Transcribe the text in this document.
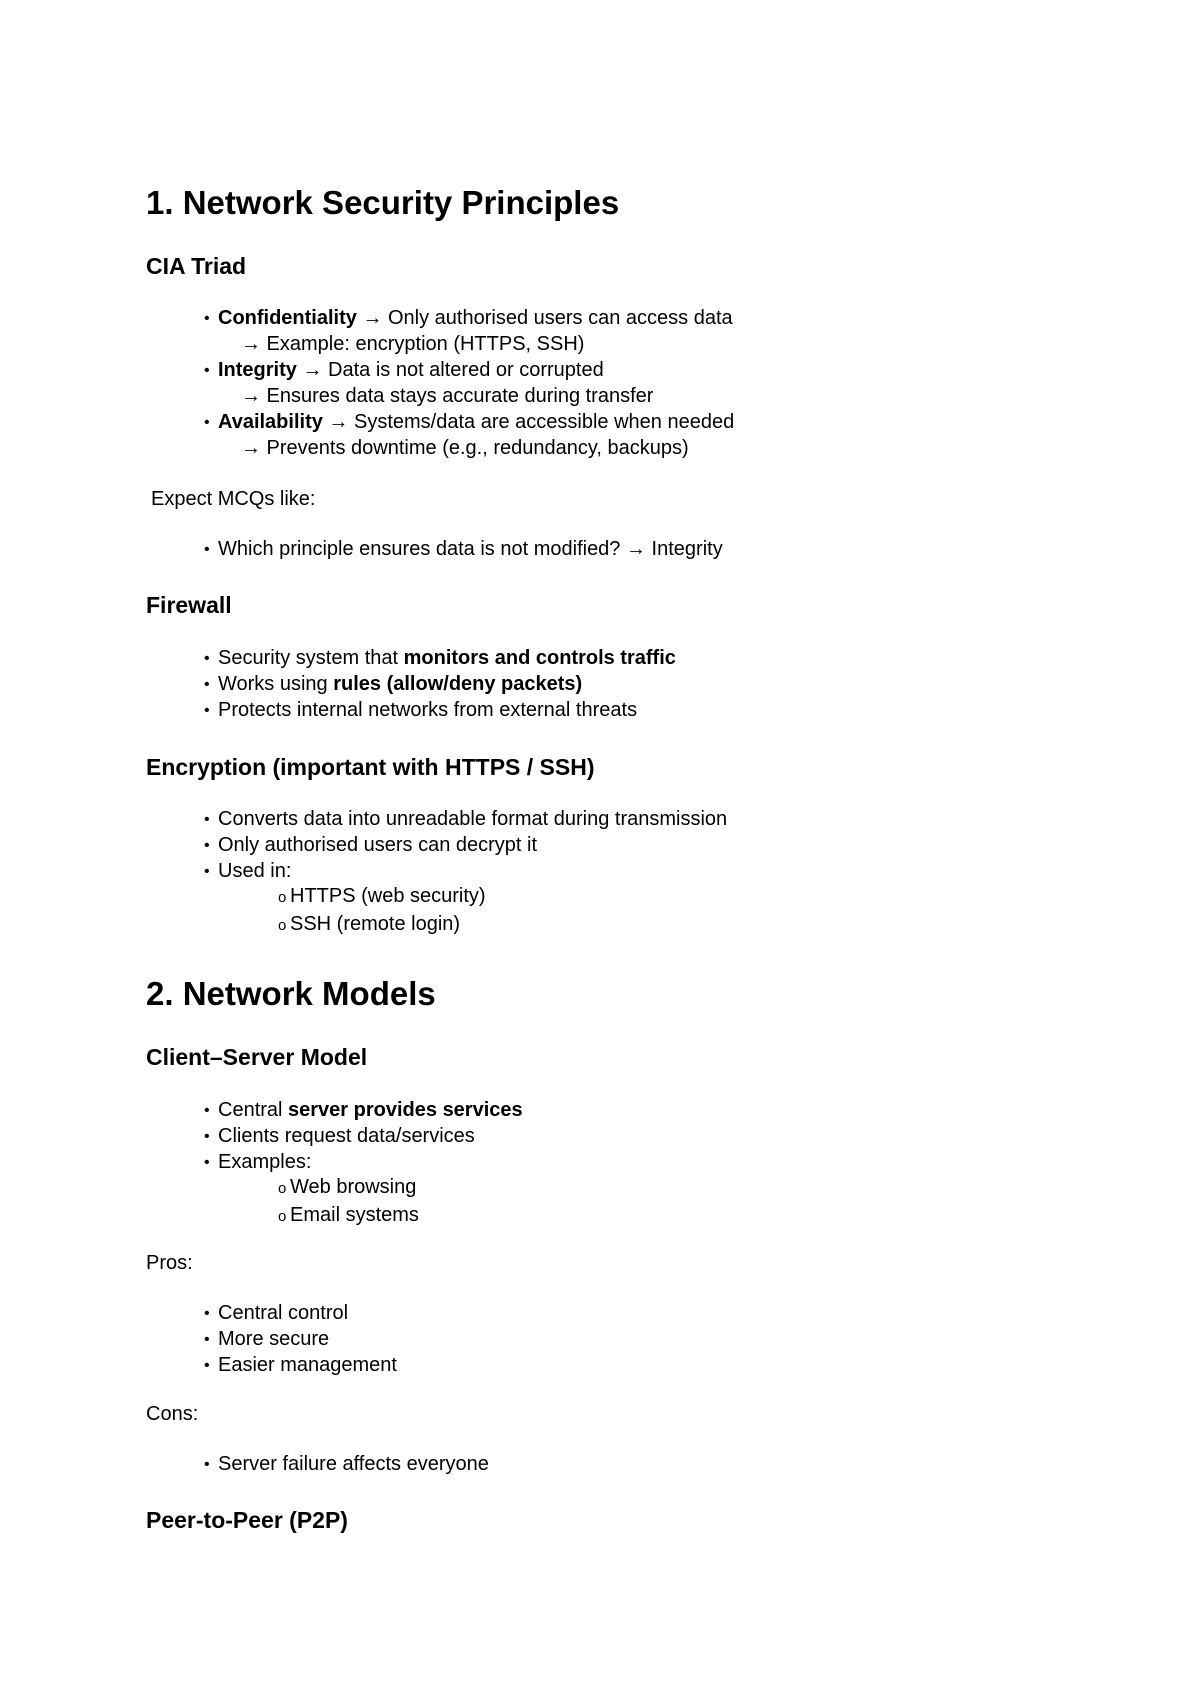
1. Network Security Principles
CIA Triad
• Confidentiality → Only authorised users can access data
→ Example: encryption (HTTPS, SSH)
• Integrity → Data is not altered or corrupted
→ Ensures data stays accurate during transfer
• Availability → Systems/data are accessible when needed
→ Prevents downtime (e.g., redundancy, backups)
Expect MCQs like:
• Which principle ensures data is not modified? → Integrity
Firewall
• Security system that monitors and controls traffic
• Works using rules (allow/deny packets)
• Protects internal networks from external threats
Encryption (important with HTTPS / SSH)
• Converts data into unreadable format during transmission
• Only authorised users can decrypt it
• Used in:
o HTTPS (web security)
o SSH (remote login)
2. Network Models
Client–Server Model
• Central server provides services
• Clients request data/services
• Examples:
o Web browsing
o Email systems
Pros:
• Central control
• More secure
• Easier management
Cons:
• Server failure affects everyone
Peer-to-Peer (P2P)
